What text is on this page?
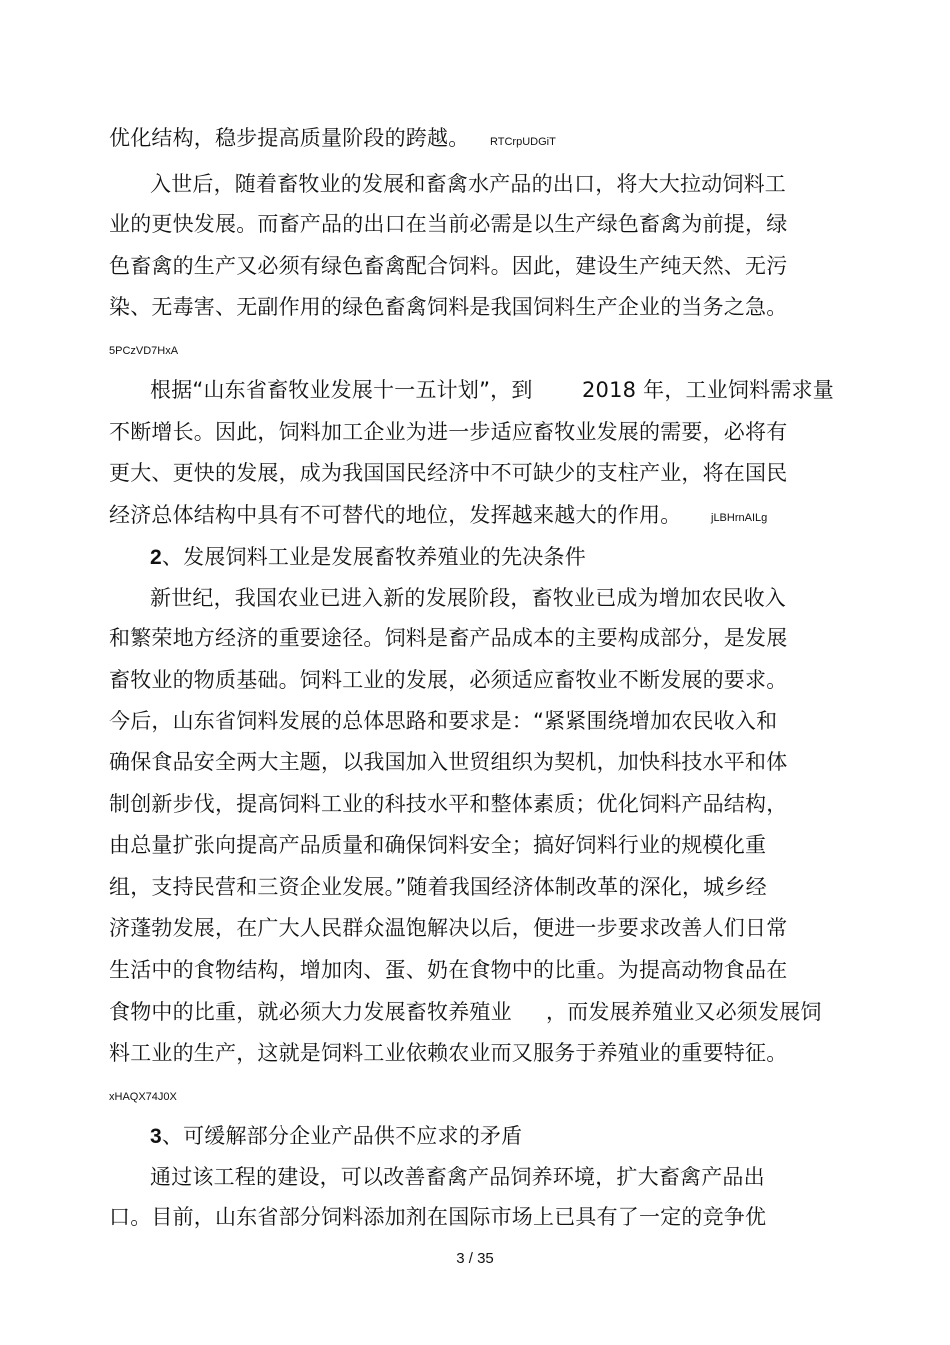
优化结构，稳步提高质量阶段的跨越。 RTCrpUDGiT
入世后，随着畜牧业的发展和畜禽水产品的出口，将大大拉动饲料工
业的更快发展。而畜产品的出口在当前必需是以生产绿色畜禽为前提，绿
色畜禽的生产又必须有绿色畜禽配合饲料。因此，建设生产纯天然、无污
染、无毒害、无副作用的绿色畜禽饲料是我国饲料生产企业的当务之急。
5PCzVD7HxA
根据“山东省畜牧业发展十一五计划”，到 2018 年，工业饲料需求量
不断增长。因此，饲料加工企业为进一步适应畜牧业发展的需要，必将有
更大、更快的发展，成为我国国民经济中不可缺少的支柱产业，将在国民
经济总体结构中具有不可替代的地位，发挥越来越大的作用。	jLBHrnAILg
2、发展饲料工业是发展畜牧养殖业的先决条件
新世纪，我国农业已进入新的发展阶段，畜牧业已成为增加农民收入
和繁荣地方经济的重要途径。饲料是畜产品成本的主要构成部分，是发展
畜牧业的物质基础。饲料工业的发展，必须适应畜牧业不断发展的要求。
今后，山东省饲料发展的总体思路和要求是：“紧紧围绕增加农民收入和
确保食品安全两大主题，以我国加入世贸组织为契机，加快科技水平和体
制创新步伐，提高饲料工业的科技水平和整体素质；优化饲料产品结构，
由总量扩张向提高产品质量和确保饲料安全；搞好饲料行业的规模化重
组，支持民营和三资企业发展。”随着我国经济体制改革的深化，城乡经
济蓬勃发展，在广大人民群众温饱解决以后，便进一步要求改善人们日常
生活中的食物结构，增加肉、蛋、奶在食物中的比重。为提高动物食品在
食物中的比重，就必须大力发展畜牧养殖业 ，而发展养殖业又必须发展饲
料工业的生产，这就是饲料工业依赖农业而又服务于养殖业的重要特征。
xHAQX74J0X
3、可缓解部分企业产品供不应求的矛盾
通过该工程的建设，可以改善畜禽产品饲养环境，扩大畜禽产品出
口。目前，山东省部分饲料添加剂在国际市场上已具有了一定的竞争优
3 / 35
